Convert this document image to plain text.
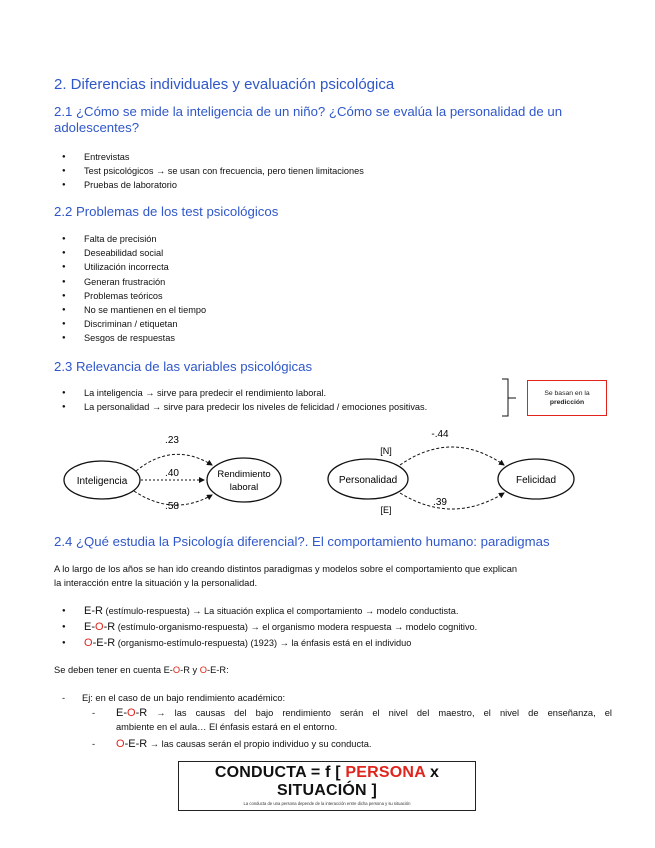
2. Diferencias individuales y evaluación psicológica
2.1 ¿Cómo se mide la inteligencia de un niño? ¿Cómo se evalúa la personalidad de un
adolescentes?
● Entrevistas
● Test psicológicos → se usan con frecuencia, pero tienen limitaciones
● Pruebas de laboratorio
2.2 Problemas de los test psicológicos
● Falta de precisión
● Deseabilidad social
● Utilización incorrecta
● Generan frustración
● Problemas teóricos
● No se mantienen en el tiempo
● Discriminan / etiquetan
● Sesgos de respuestas
2.3 Relevancia de las variables psicológicas
● La inteligencia → sirve para predecir el rendimiento laboral.
● La personalidad → sirve para predecir los niveles de felicidad / emociones positivas.
Se basan en la
predicción
Inteligencia
Rendimiento
laboral
.23
.40
.58
Personalidad	Felicidad
-.44
.39
[N]
[E]
2.4 ¿Qué estudia la Psicología diferencial?. El comportamiento humano: paradigmas
A lo largo de los años se han ido creando distintos paradigmas y modelos sobre el comportamiento que explican
la interacción entre la situación y la personalidad.
● E-R (estímulo-respuesta) → La situación explica el comportamiento → modelo conductista.
● E-O-R (estímulo-organismo-respuesta) → el organismo modera respuesta → modelo cognitivo.
● O-E-R (organismo-estímulo-respuesta) (1923) → la énfasis está en el individuo
Se deben tener en cuenta E-O-R y O-E-R:
- Ej: en el caso de un bajo rendimiento académico:
- E-O-R → las causas del bajo rendimiento serán el nivel del maestro, el nivel de enseñanza, el
ambiente en el aula… El énfasis estará en el entorno.
- O-E-R → las causas serán el propio individuo y su conducta.
CONDUCTA = f [ PERSONA x SITUACIÓN ]
La conducta de una persona depende de la interacción entre dicha persona y su situación
